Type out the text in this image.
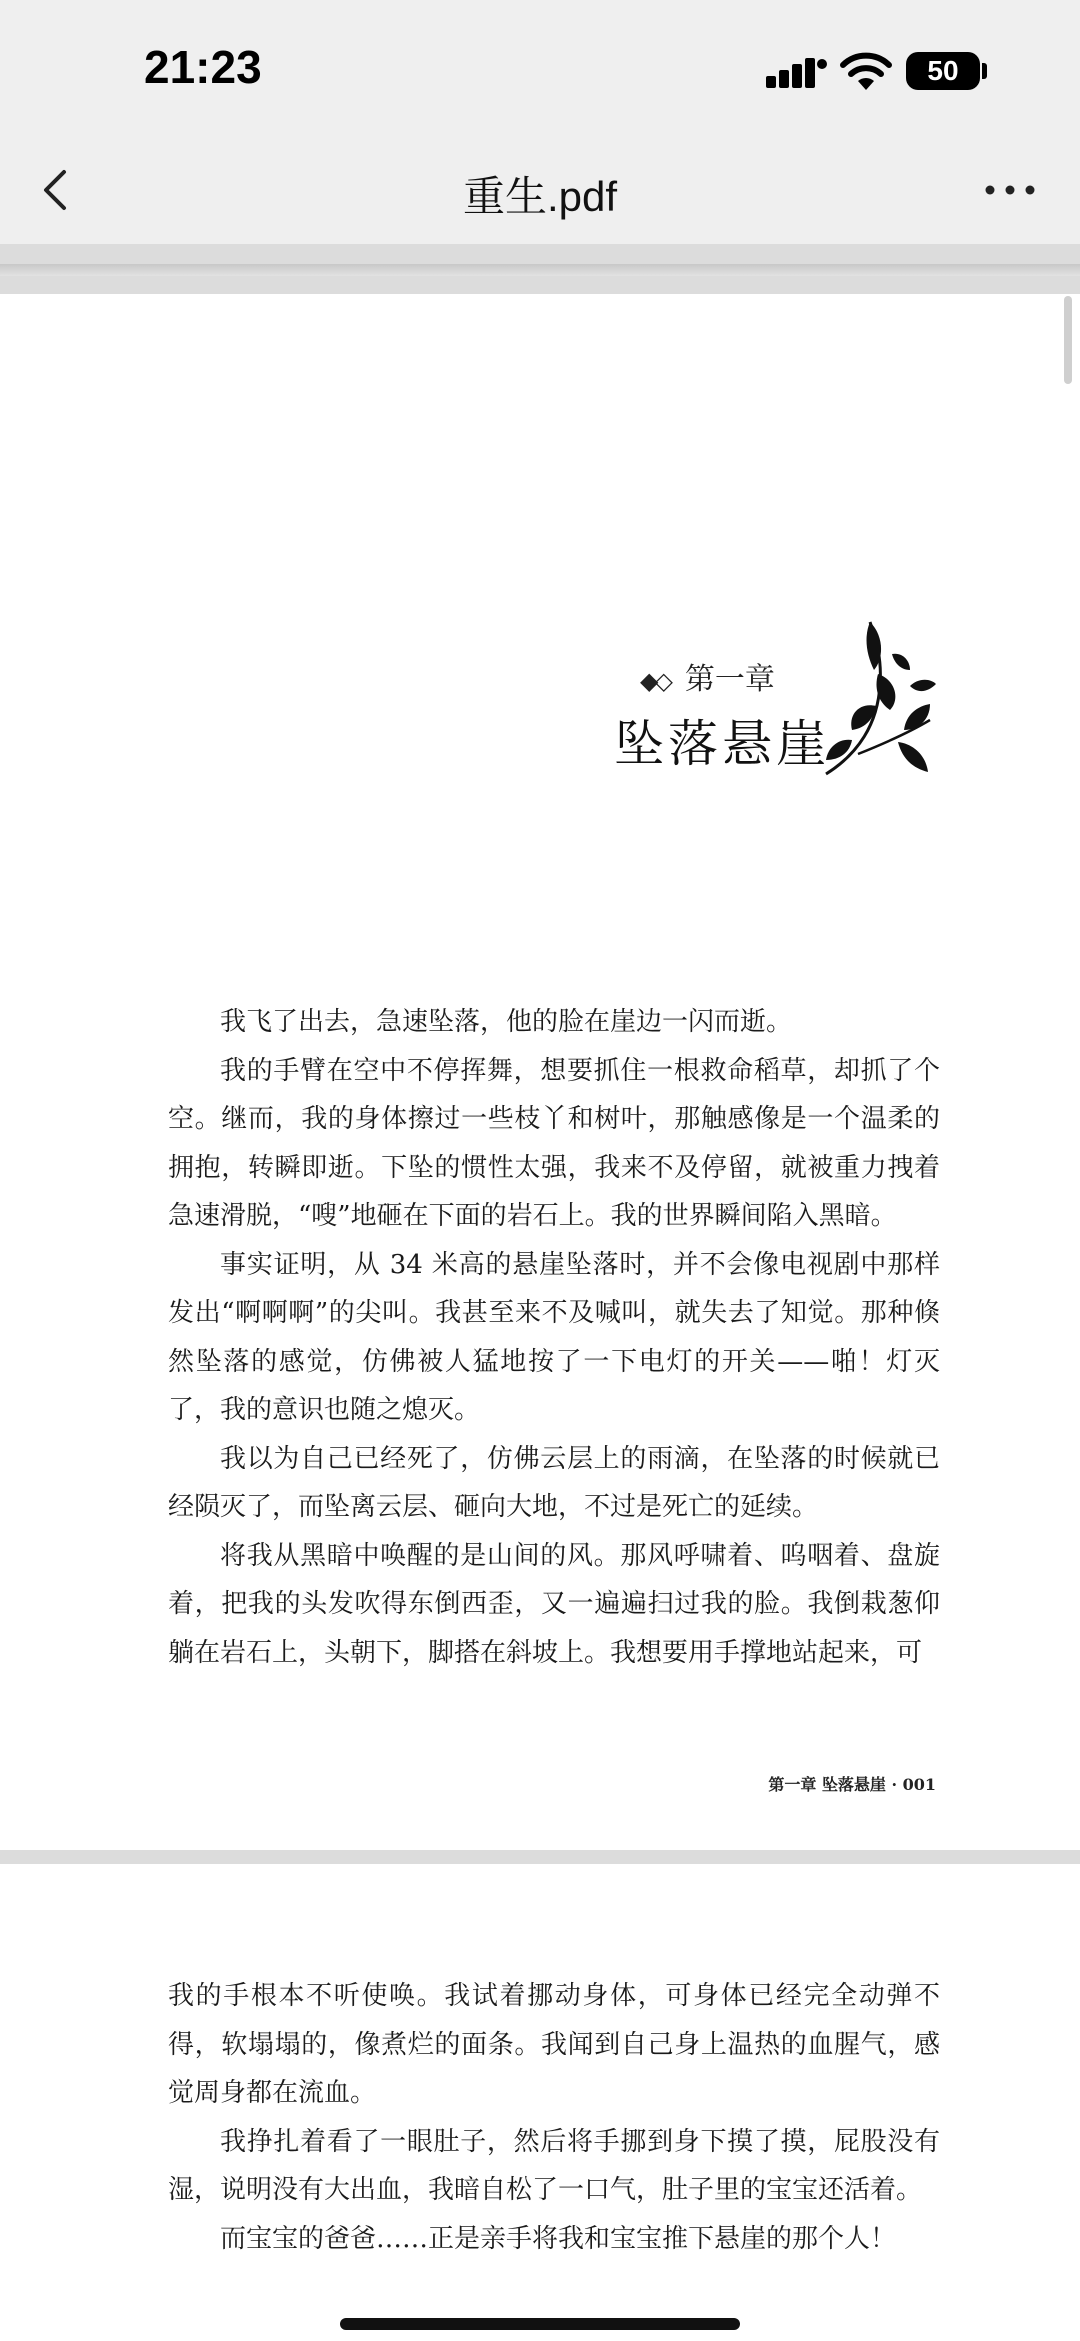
21:23	50
重生.pdf
◆◇ 第一章
坠落悬崖

我飞了出去，急速坠落，他的脸在崖边一闪而逝。

我的手臂在空中不停挥舞，想要抓住一根救命稻草，却抓了个空。继而，我的身体擦过一些枝丫和树叶，那触感像是一个温柔的拥抱，转瞬即逝。下坠的惯性太强，我来不及停留，就被重力拽着急速滑脱，“嗖”地砸在下面的岩石上。我的世界瞬间陷入黑暗。

事实证明，从 34 米高的悬崖坠落时，并不会像电视剧中那样发出“啊啊啊”的尖叫。我甚至来不及喊叫，就失去了知觉。那种倏然坠落的感觉，仿佛被人猛地按了一下电灯的开关——啪！灯灭了，我的意识也随之熄灭。

我以为自己已经死了，仿佛云层上的雨滴，在坠落的时候就已经陨灭了，而坠离云层、砸向大地，不过是死亡的延续。

将我从黑暗中唤醒的是山间的风。那风呼啸着、呜咽着、盘旋着，把我的头发吹得东倒西歪，又一遍遍扫过我的脸。我倒栽葱仰躺在岩石上，头朝下，脚搭在斜坡上。我想要用手撑地站起来，可

第一章 坠落悬崖 · 001

我的手根本不听使唤。我试着挪动身体，可身体已经完全动弹不得，软塌塌的，像煮烂的面条。我闻到自己身上温热的血腥气，感觉周身都在流血。

我挣扎着看了一眼肚子，然后将手挪到身下摸了摸，屁股没有湿，说明没有大出血，我暗自松了一口气，肚子里的宝宝还活着。

而宝宝的爸爸……正是亲手将我和宝宝推下悬崖的那个人！
